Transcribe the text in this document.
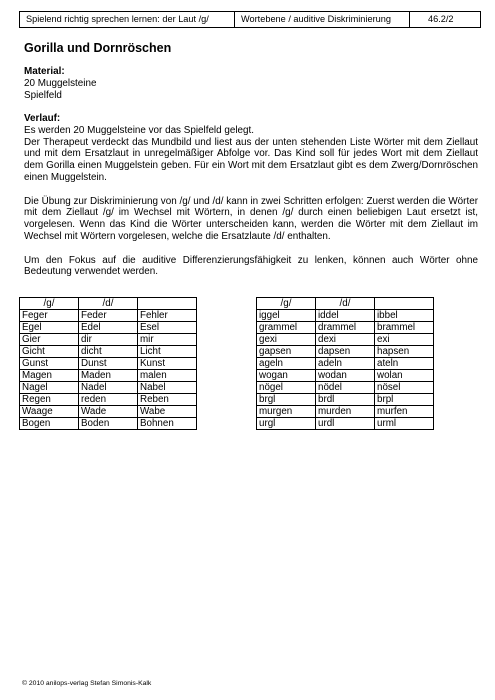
Spielend richtig sprechen lernen: der Laut /g/	Wortebene / auditive Diskriminierung	46.2/2
Gorilla und Dornröschen
Material:
20 Muggelsteine
Spielfeld
Verlauf:

Es werden 20 Muggelsteine vor das Spielfeld gelegt.

Der Therapeut verdeckt das Mundbild und liest aus der unten stehenden Liste Wörter mit dem Ziellaut und mit dem Ersatzlaut in unregelmäßiger Abfolge vor. Das Kind soll für jedes Wort mit dem Ziellaut dem Gorilla einen Muggelstein geben. Für ein Wort mit dem Ersatzlaut gibt es dem Zwerg/Dornröschen einen Muggelstein.

Die Übung zur Diskriminierung von /g/ und /d/ kann in zwei Schritten erfolgen: Zuerst werden die Wörter mit dem Ziellaut /g/ im Wechsel mit Wörtern, in denen /g/ durch einen beliebigen Laut ersetzt ist, vorgelesen. Wenn das Kind die Wörter unterscheiden kann, werden die Wörter mit dem Ziellaut im Wechsel mit Wörtern vorgelesen, welche die Ersatzlaute /d/ enthalten.

Um den Fokus auf die auditive Differenzierungsfähigkeit zu lenken, können auch Wörter ohne Bedeutung verwendet werden.

/g/	/d/	
Feger	Feder	Fehler
Egel	Edel	Esel
Gier	dir	mir
Gicht	dicht	Licht
Gunst	Dunst	Kunst
Magen	Maden	malen
Nagel	Nadel	Nabel
Regen	reden	Reben
Waage	Wade	Wabe
Bogen	Boden	Bohnen
/g/	/d/	
iggel	iddel	ibbel
grammel	drammel	brammel
gexi	dexi	exi
gapsen	dapsen	hapsen
ageln	adeln	ateln
wogan	wodan	wolan
nögel	nödel	nösel
brgl	brdl	brpl
murgen	murden	murfen
urgl	urdl	urml
© 2010 anilops-verlag Stefan Simonis-Kalk
